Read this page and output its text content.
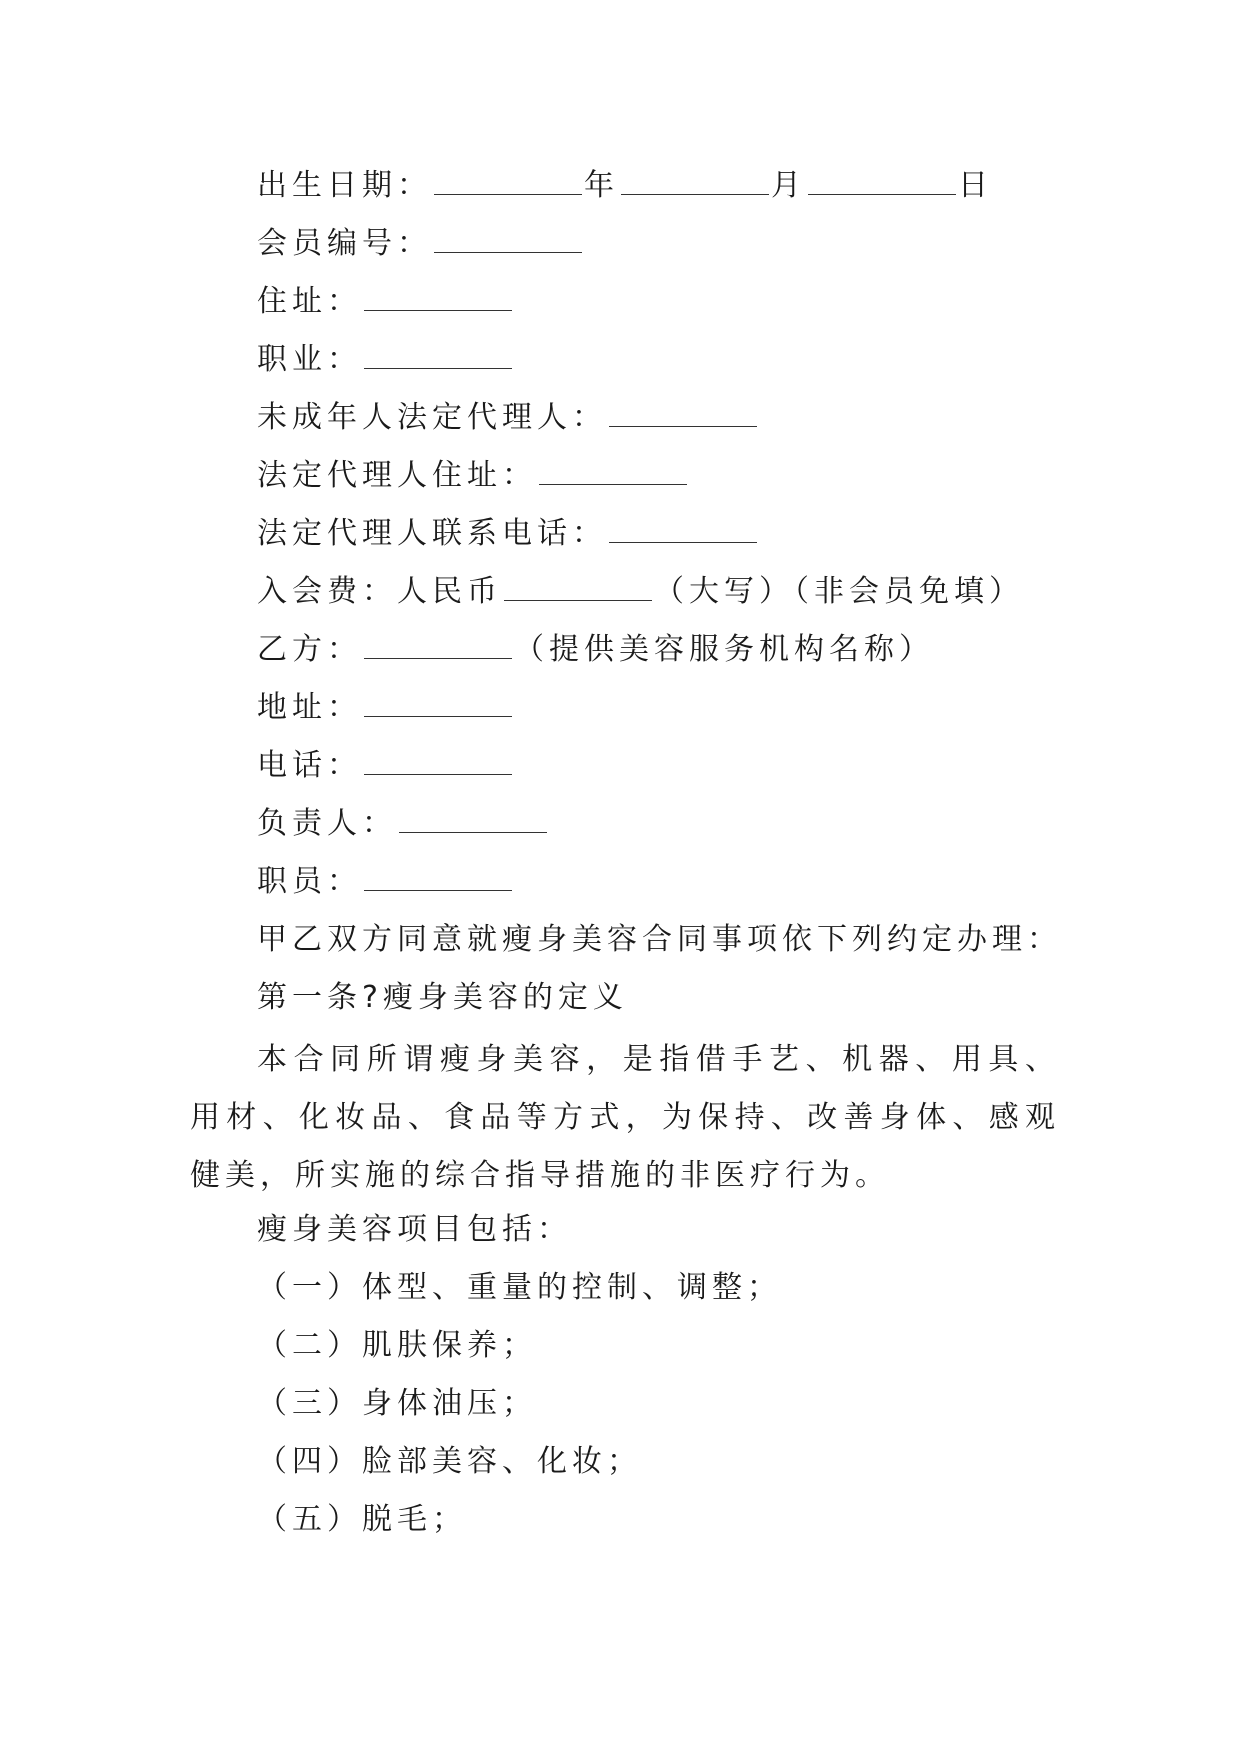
出生日期：	年	月	日
会员编号：
住址：
职业：
未成年人法定代理人：
法定代理人住址：
法定代理人联系电话：
入会费：人民币	（大写）（非会员免填）
乙方：	（提供美容服务机构名称）
地址：
电话：
负责人：
职员：
甲乙双方同意就瘦身美容合同事项依下列约定办理：
第一条?瘦身美容的定义
本合同所谓瘦身美容，是指借手艺、机器、用具、用材、化妆品、食品等方式，为保持、改善身体、感观健美，所实施的综合指导措施的非医疗行为。
瘦身美容项目包括：
（一）体型、重量的控制、调整；
（二）肌肤保养；
（三）身体油压；
（四）脸部美容、化妆；
（五）脱毛；
